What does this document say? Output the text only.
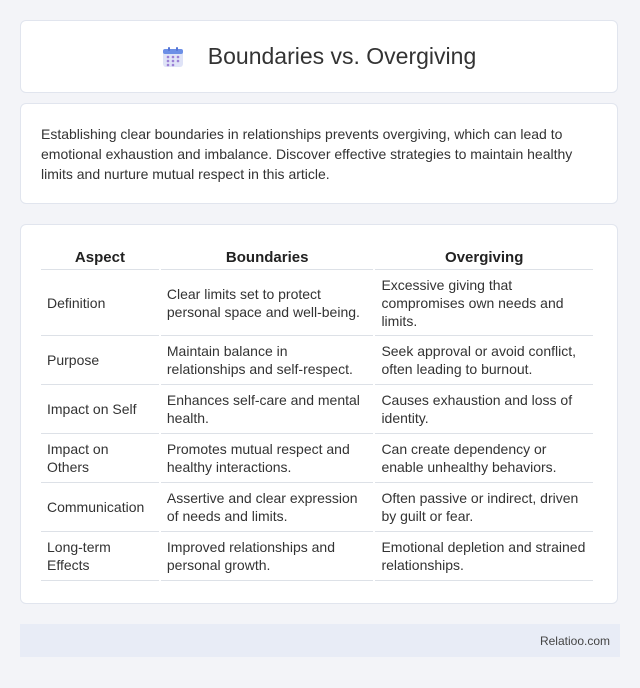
Boundaries vs. Overgiving

Establishing clear boundaries in relationships prevents overgiving, which can lead to emotional exhaustion and imbalance. Discover effective strategies to maintain healthy limits and nurture mutual respect in this article.

Aspect	Boundaries	Overgiving
Definition	Clear limits set to protect personal space and well-being.	Excessive giving that compromises own needs and limits.
Purpose	Maintain balance in relationships and self-respect.	Seek approval or avoid conflict, often leading to burnout.
Impact on Self	Enhances self-care and mental health.	Causes exhaustion and loss of identity.
Impact on Others	Promotes mutual respect and healthy interactions.	Can create dependency or enable unhealthy behaviors.
Communication	Assertive and clear expression of needs and limits.	Often passive or indirect, driven by guilt or fear.
Long-term Effects	Improved relationships and personal growth.	Emotional depletion and strained relationships.
Relatioo.com
